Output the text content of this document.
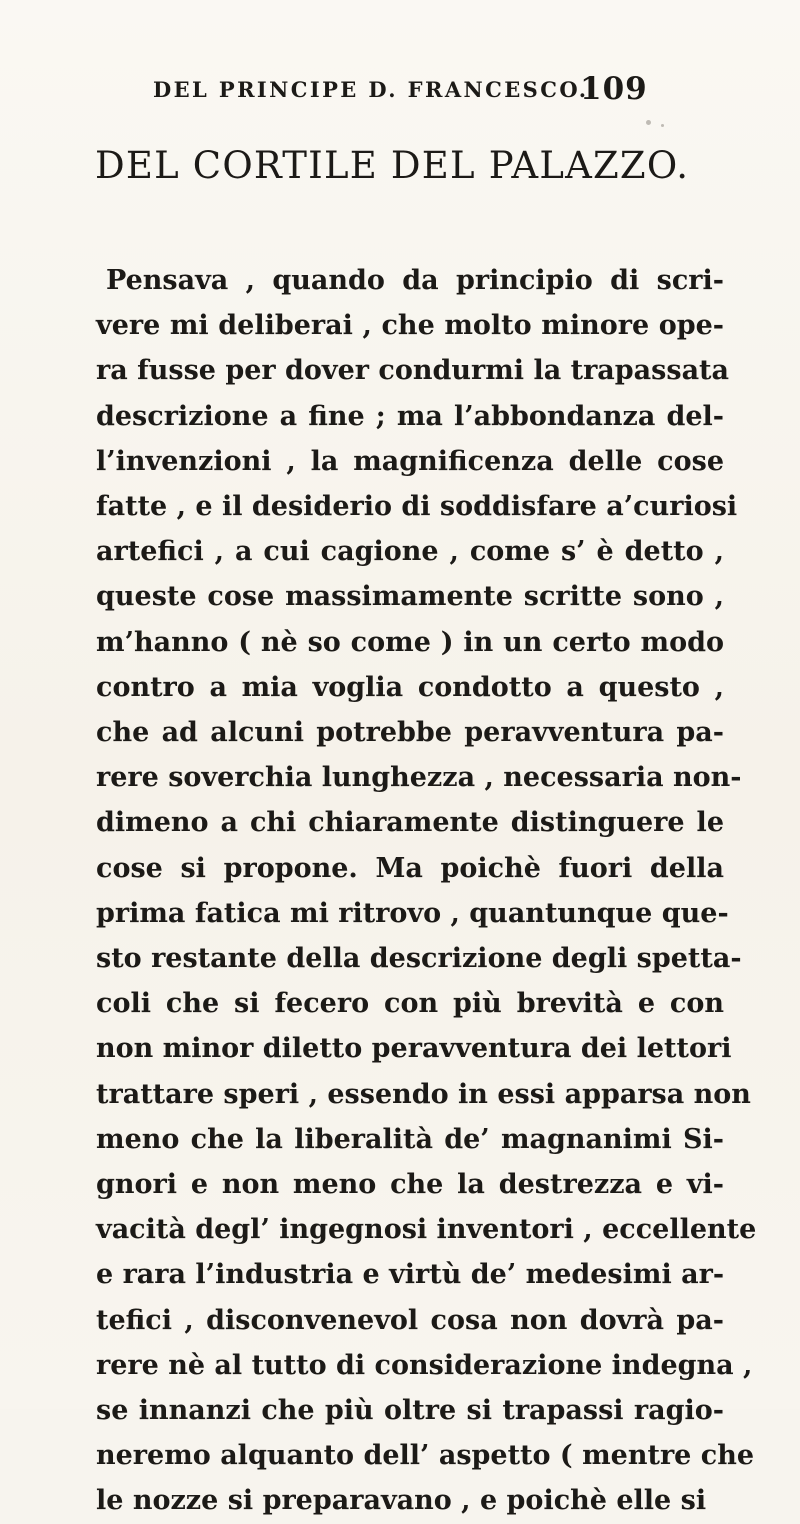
DEL PRINCIPE D. FRANCESCO.
109
DEL CORTILE DEL PALAZZO.
Pensava , quando da principio di scri-
vere mi deliberai , che molto minore ope-
ra fusse per dover condurmi la trapassata
descrizione a fine ; ma l’abbondanza del-
l’invenzioni , la magnificenza delle cose
fatte , e il desiderio di soddisfare a’curiosi
artefici , a cui cagione , come s’ è detto ,
queste cose massimamente scritte sono ,
m’hanno ( nè so come ) in un certo modo
contro a mia voglia condotto a questo ,
che ad alcuni potrebbe peravventura pa-
rere soverchia lunghezza , necessaria non-
dimeno a chi chiaramente distinguere le
cose si propone. Ma poichè fuori della
prima fatica mi ritrovo , quantunque que-
sto restante della descrizione degli spetta-
coli che si fecero con più brevità e con
non minor diletto peravventura dei lettori
trattare speri , essendo in essi apparsa non
meno che la liberalità de’ magnanimi Si-
gnori e non meno che la destrezza e vi-
vacità degl’ ingegnosi inventori , eccellente
e rara l’industria e virtù de’ medesimi ar-
tefici , disconvenevol cosa non dovrà pa-
rere nè al tutto di considerazione indegna ,
se innanzi che più oltre si trapassi ragio-
neremo alquanto dell’ aspetto ( mentre che
le nozze si preparavano , e poichè elle si
